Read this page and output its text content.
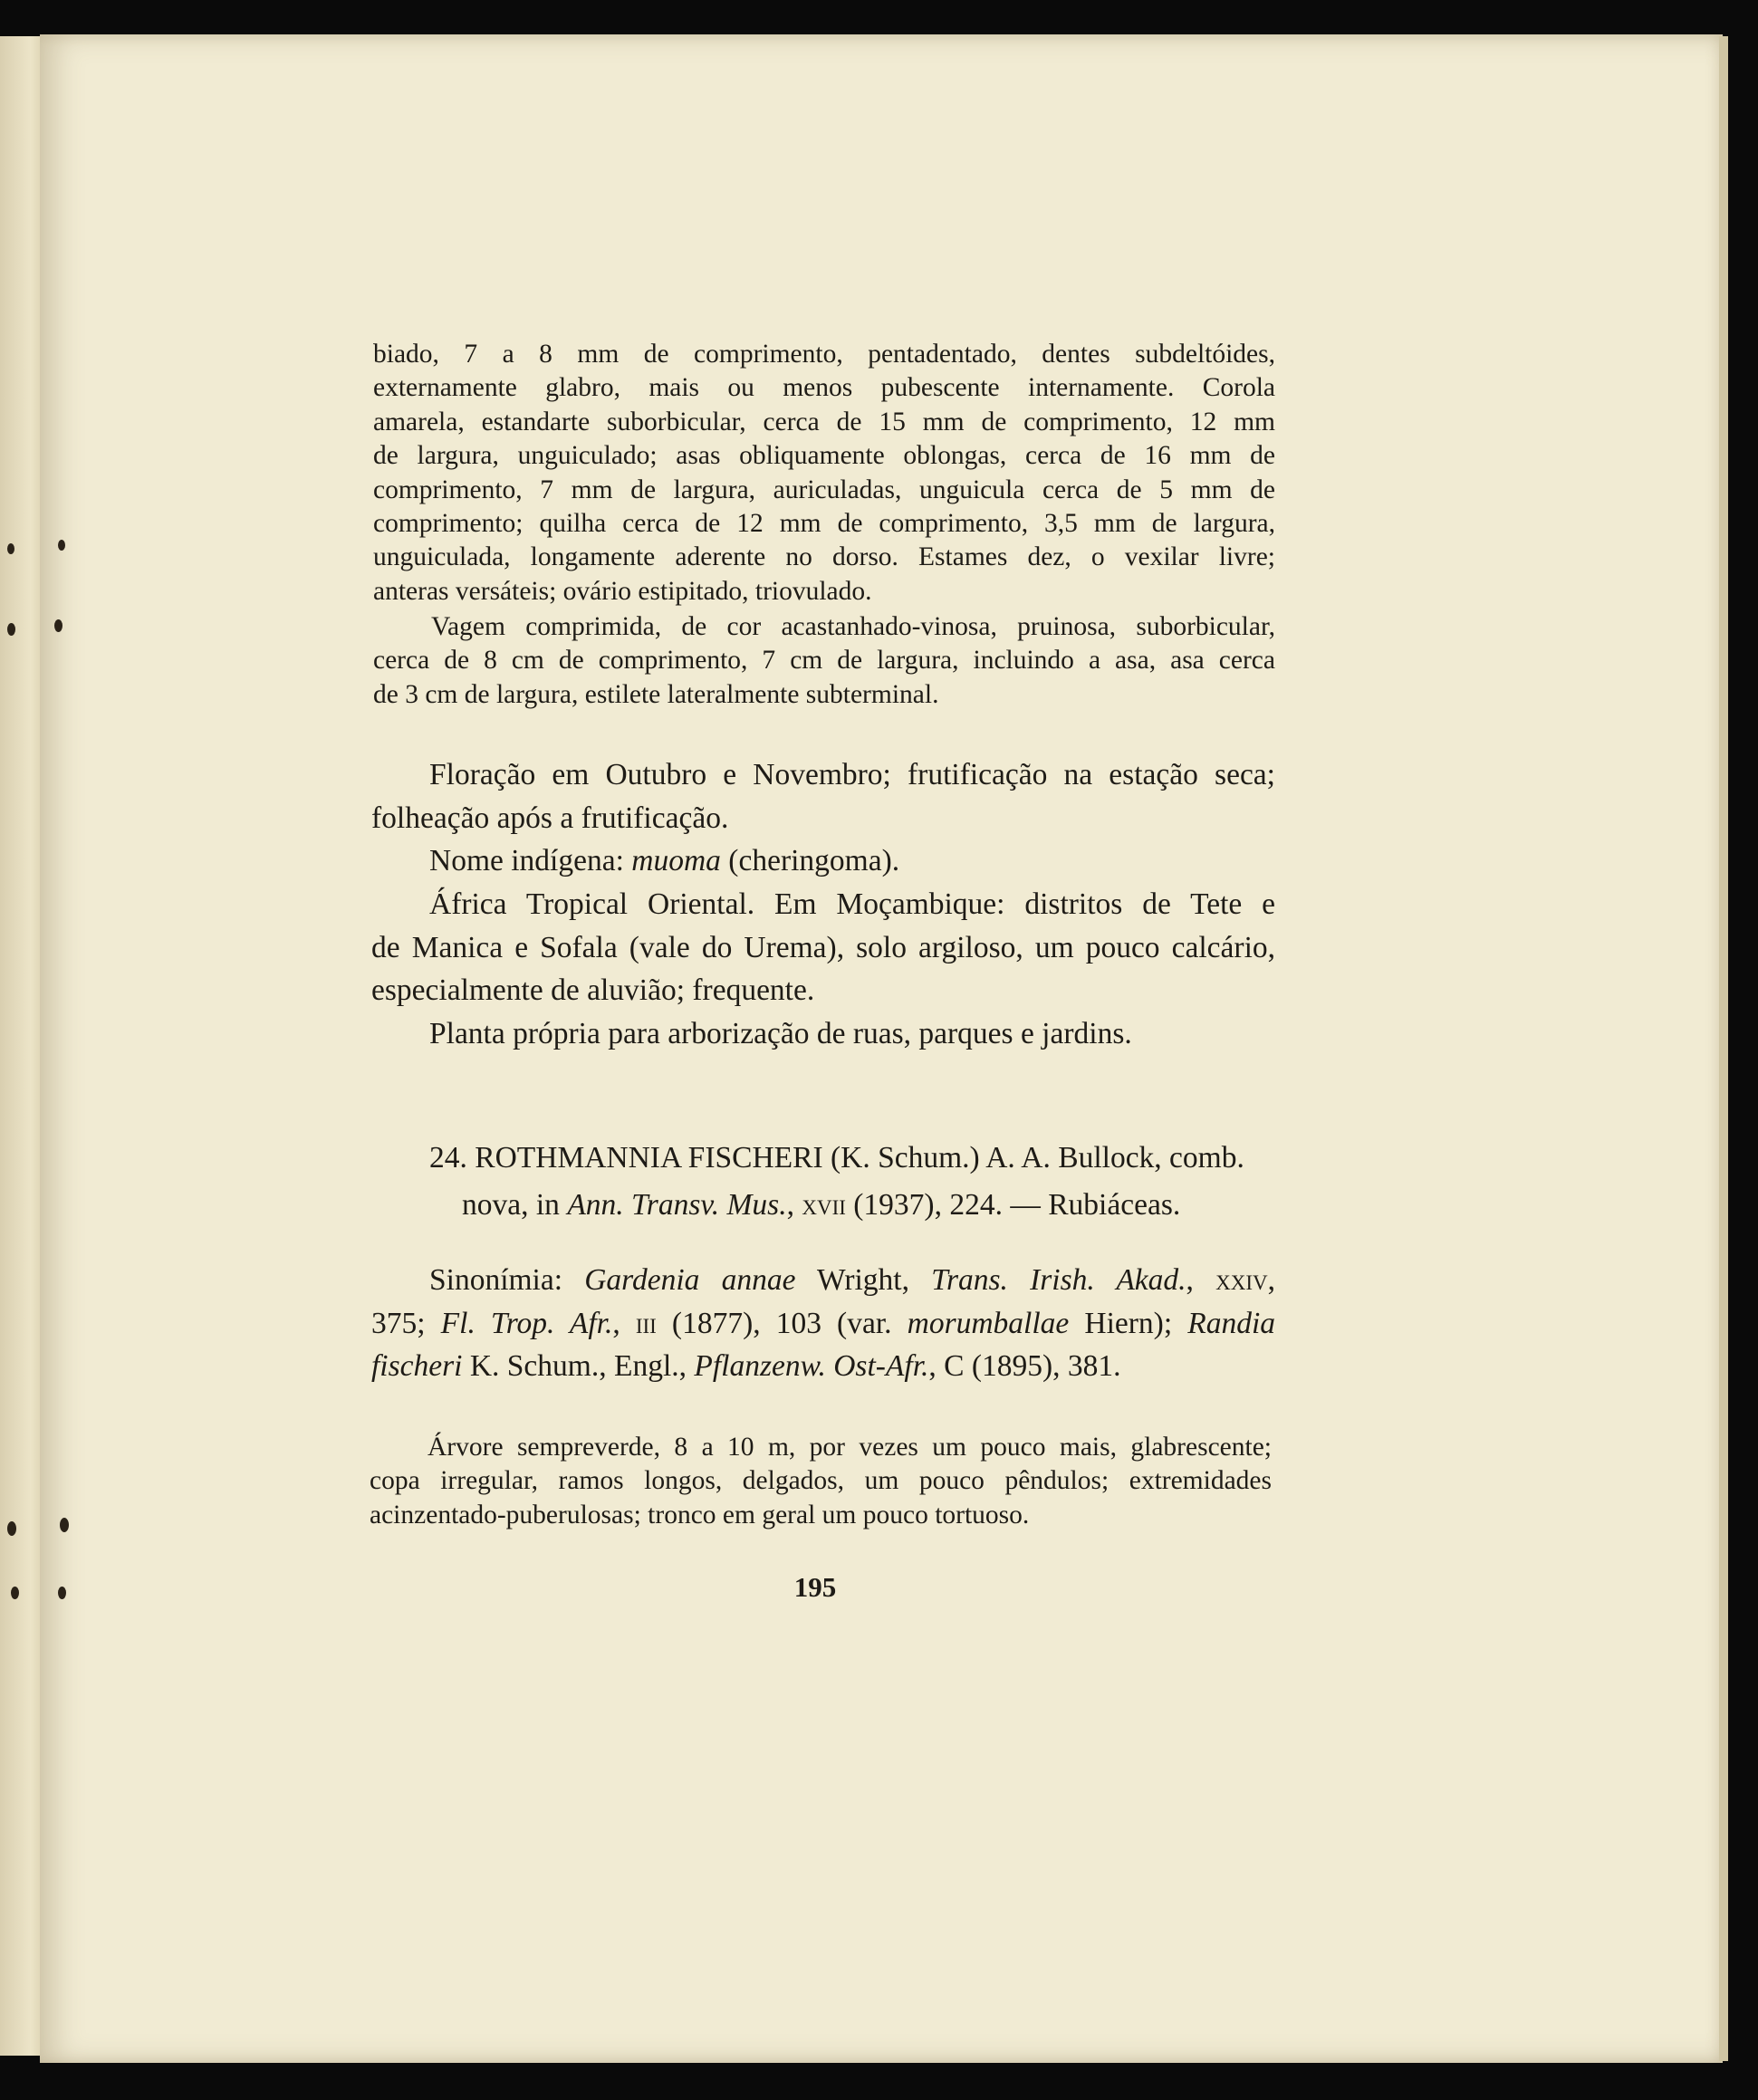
biado, 7 a 8 mm de comprimento, pentadentado, dentes subdeltóides,
externamente glabro, mais ou menos pubescente internamente. Corola
amarela, estandarte suborbicular, cerca de 15 mm de comprimento, 12 mm
de largura, unguiculado; asas obliquamente oblongas, cerca de 16 mm de
comprimento, 7 mm de largura, auriculadas, unguicula cerca de 5 mm de
comprimento; quilha cerca de 12 mm de comprimento, 3,5 mm de largura,
unguiculada, longamente aderente no dorso. Estames dez, o vexilar livre;
anteras versáteis; ovário estipitado, triovulado.
Vagem comprimida, de cor acastanhado-vinosa, pruinosa, suborbicular,
cerca de 8 cm de comprimento, 7 cm de largura, incluindo a asa, asa cerca
de 3 cm de largura, estilete lateralmente subterminal.
Floração em Outubro e Novembro; frutificação na estação seca;
folheação após a frutificação.
Nome indígena: muoma (cheringoma).
África Tropical Oriental. Em Moçambique: distritos de Tete e
de Manica e Sofala (vale do Urema), solo argiloso, um pouco calcário,
especialmente de aluvião; frequente.
Planta própria para arborização de ruas, parques e jardins.
24. ROTHMANNIA FISCHERI (K. Schum.) A. A. Bullock, comb.
nova, in Ann. Transv. Mus., xvii (1937), 224. — Rubiáceas.
Sinonímia: Gardenia annae Wright, Trans. Irish. Akad., xxiv,
375; Fl. Trop. Afr., iii (1877), 103 (var. morumballae Hiern); Randia
fischeri K. Schum., Engl., Pflanzenw. Ost-Afr., C (1895), 381.
Árvore sempreverde, 8 a 10 m, por vezes um pouco mais, glabrescente;
copa irregular, ramos longos, delgados, um pouco pêndulos; extremidades
acinzentado-puberulosas; tronco em geral um pouco tortuoso.
195
